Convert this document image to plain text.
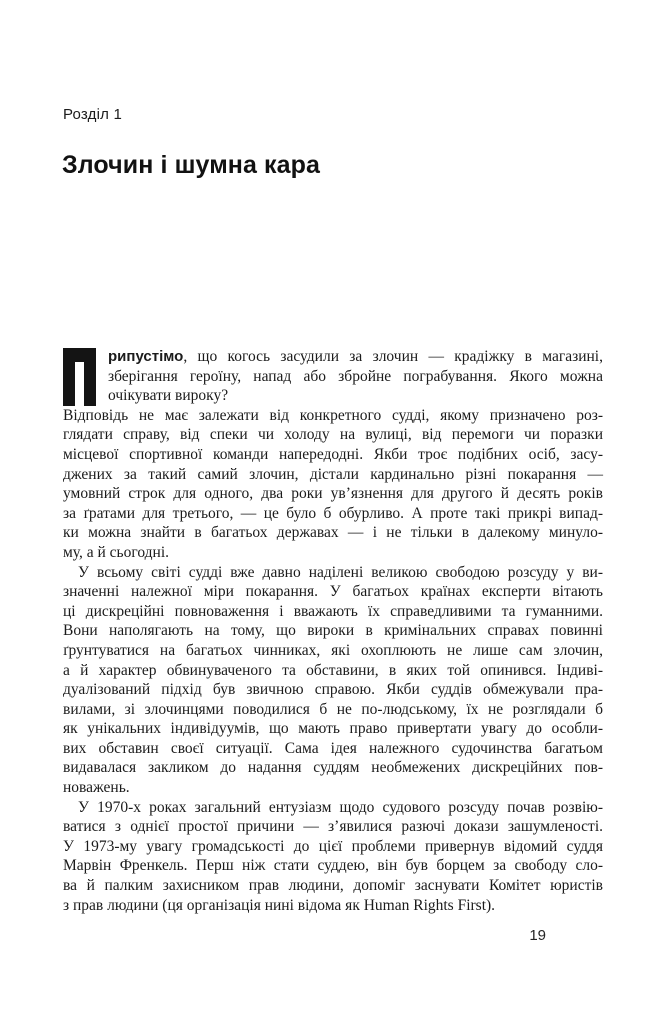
Розділ 1
Злочин і шумна кара
рипустімо, що когось засудили за злочин — крадіжку в магазині,
зберігання героїну, напад або збройне пограбування. Якого можна
очікувати вироку?
Відповідь не має залежати від конкретного судді, якому призначено роз-
глядати справу, від спеки чи холоду на вулиці, від перемоги чи поразки
місцевої спортивної команди напередодні. Якби троє подібних осіб, засу-
джених за такий самий злочин, дістали кардинально різні покарання —
умовний строк для одного, два роки ув’язнення для другого й десять років
за ґратами для третього, — це було б обурливо. А проте такі прикрі випад-
ки можна знайти в багатьох державах — і не тільки в далекому минуло-
му, а й сьогодні.
У всьому світі судді вже давно наділені великою свободою розсуду у ви-
значенні належної міри покарання. У багатьох країнах експерти вітають
ці дискреційні повноваження і вважають їх справедливими та гуманними.
Вони наполягають на тому, що вироки в кримінальних справах повинні
ґрунтуватися на багатьох чинниках, які охоплюють не лише сам злочин,
а й характер обвинуваченого та обставини, в яких той опинився. Індиві-
дуалізований підхід був звичною справою. Якби суддів обмежували пра-
вилами, зі злочинцями поводилися б не по-людському, їх не розглядали б
як унікальних індивідуумів, що мають право привертати увагу до особли-
вих обставин своєї ситуації. Сама ідея належного судочинства багатьом
видавалася закликом до надання суддям необмежених дискреційних пов-
новажень.
У 1970-х роках загальний ентузіазм щодо судового розсуду почав розвію-
ватися з однієї простої причини — з’явилися разючі докази зашумленості.
У 1973-му увагу громадськості до цієї проблеми привернув відомий суддя
Марвін Френкель. Перш ніж стати суддею, він був борцем за свободу сло-
ва й палким захисником прав людини, допоміг заснувати Комітет юристів
з прав людини (ця організація нині відома як Human Rights First).
19
